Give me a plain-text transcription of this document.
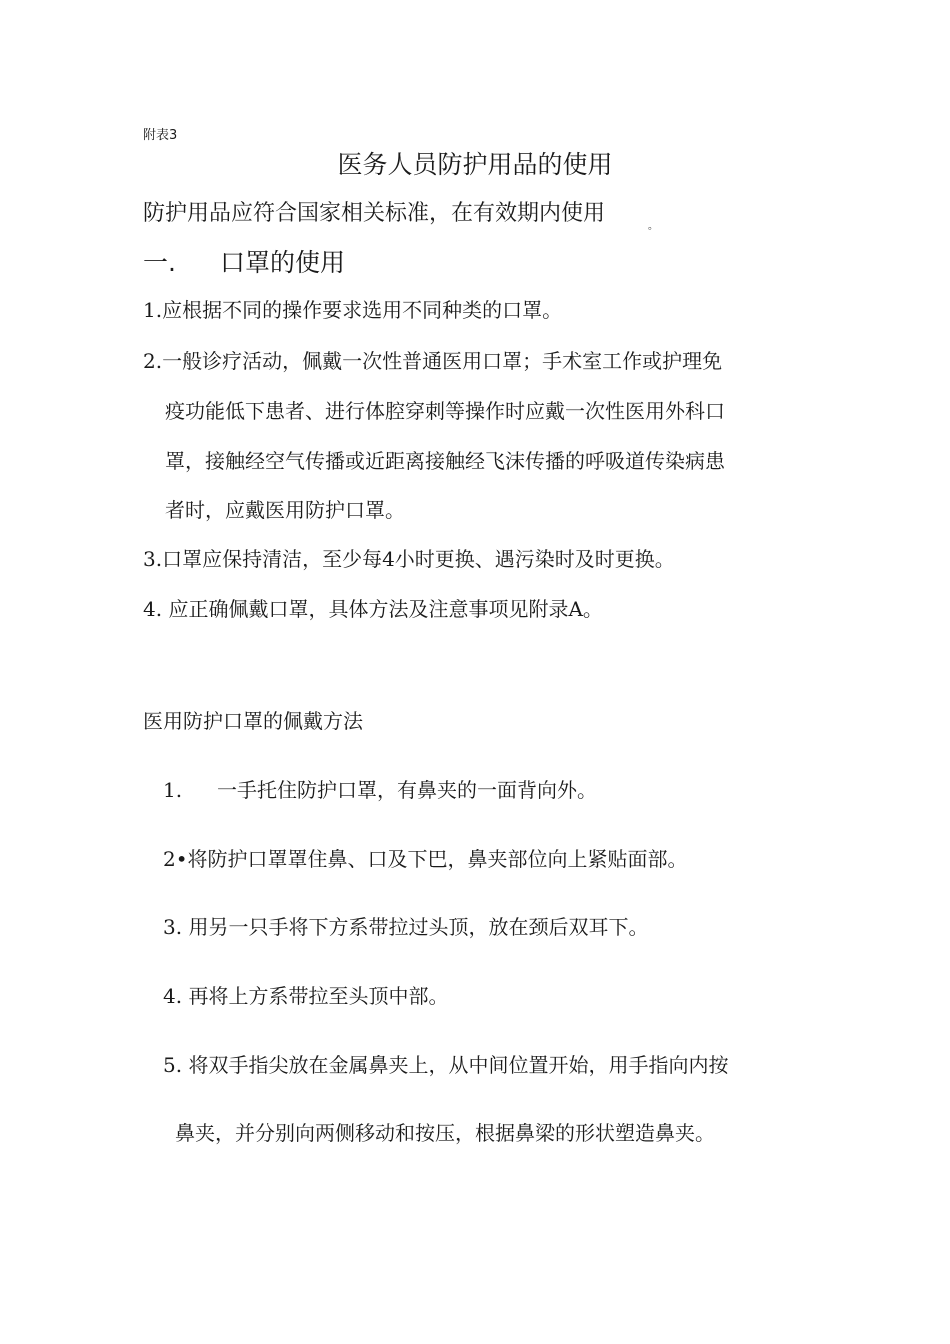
附表3
医务人员防护用品的使用
防护用品应符合国家相关标准，在有效期内使用
。
一. 口罩的使用
1.应根据不同的操作要求选用不同种类的口罩。
2.一般诊疗活动，佩戴一次性普通医用口罩；手术室工作或护理免
疫功能低下患者、进行体腔穿刺等操作时应戴一次性医用外科口
罩，接触经空气传播或近距离接触经飞沫传播的呼吸道传染病患
者时，应戴医用防护口罩。
3.口罩应保持清洁，至少每4小时更换、遇污染时及时更换。
4. 应正确佩戴口罩，具体方法及注意事项见附录A。
医用防护口罩的佩戴方法
1. 一手托住防护口罩，有鼻夹的一面背向外。
2•将防护口罩罩住鼻、口及下巴，鼻夹部位向上紧贴面部。
3. 用另一只手将下方系带拉过头顶，放在颈后双耳下。
4. 再将上方系带拉至头顶中部。
5. 将双手指尖放在金属鼻夹上，从中间位置开始，用手指向内按
鼻夹，并分别向两侧移动和按压，根据鼻梁的形状塑造鼻夹。
